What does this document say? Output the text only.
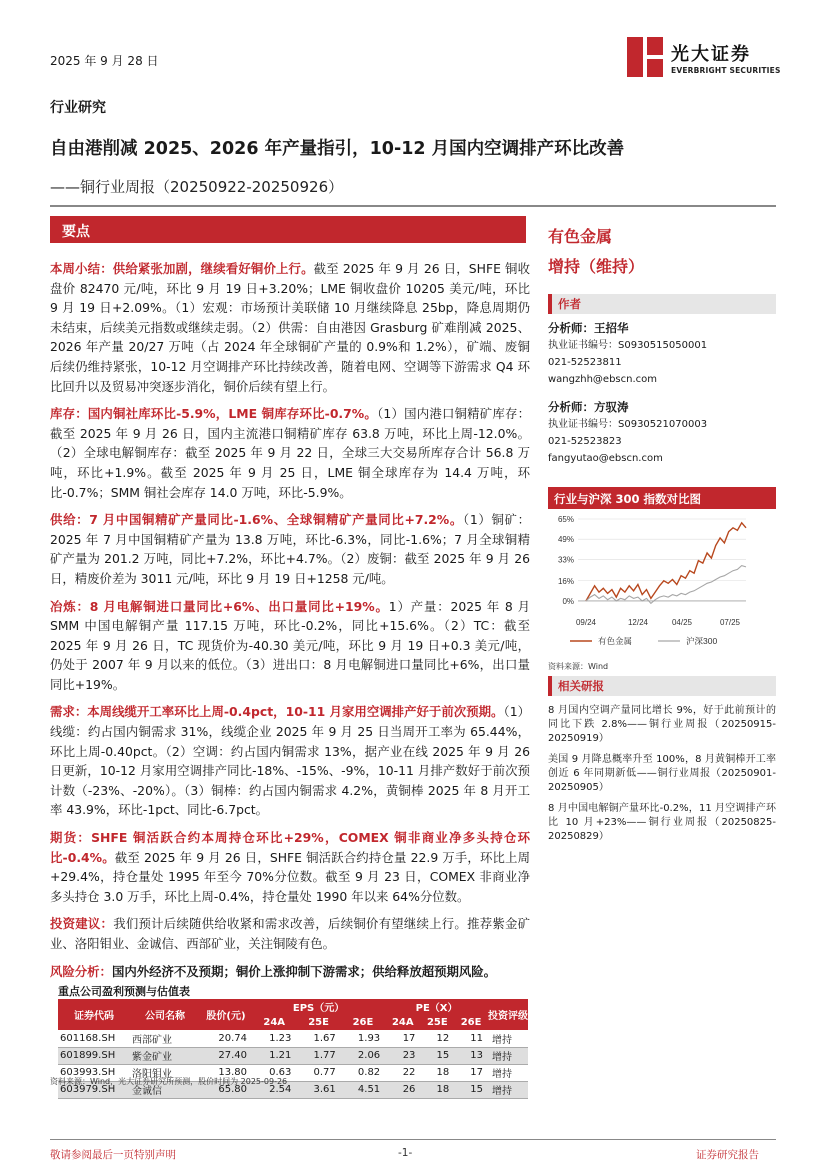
2025 年 9 月 28 日	光大证券
EVERBRIGHT SECURITIES
行业研究
自由港削减 2025、2026 年产量指引，10-12 月国内空调排产环比改善
——铜行业周报（20250922-20250926）
要点

本周小结：供给紧张加剧，继续看好铜价上行。截至 2025 年 9 月 26 日，SHFE 铜收盘价 82470 元/吨，环比 9 月 19 日+3.20%；LME 铜收盘价 10205 美元/吨，环比 9 月 19 日+2.09%。（1）宏观：市场预计美联储 10 月继续降息 25bp，降息周期仍未结束，后续美元指数或继续走弱。（2）供需：自由港因 Grasburg 矿难削减 2025、2026 年产量 20/27 万吨（占 2024 年全球铜矿产量的 0.9%和 1.2%），矿端、废铜后续仍维持紧张，10-12 月空调排产环比持续改善，随着电网、空调等下游需求 Q4 环比回升以及贸易冲突逐步消化，铜价后续有望上行。

库存：国内铜社库环比-5.9%，LME 铜库存环比-0.7%。（1）国内港口铜精矿库存：截至 2025 年 9 月 26 日，国内主流港口铜精矿库存 63.8 万吨，环比上周-12.0%。（2）全球电解铜库存：截至 2025 年 9 月 22 日，全球三大交易所库存合计 56.8 万吨，环比+1.9%。截至 2025 年 9 月 25 日，LME 铜全球库存为 14.4 万吨，环比-0.7%；SMM 铜社会库存 14.0 万吨，环比-5.9%。

供给：7 月中国铜精矿产量同比-1.6%、全球铜精矿产量同比+7.2%。（1）铜矿：2025 年 7 月中国铜精矿产量为 13.8 万吨，环比-6.3%，同比-1.6%；7 月全球铜精矿产量为 201.2 万吨，同比+7.2%，环比+4.7%。（2）废铜：截至 2025 年 9 月 26 日，精废价差为 3011 元/吨，环比 9 月 19 日+1258 元/吨。

冶炼：8 月电解铜进口量同比+6%、出口量同比+19%。1）产量：2025 年 8 月 SMM 中国电解铜产量 117.15 万吨，环比-0.2%，同比+15.6%。（2）TC：截至 2025 年 9 月 26 日，TC 现货价为-40.30 美元/吨，环比 9 月 19 日+0.3 美元/吨，仍处于 2007 年 9 月以来的低位。（3）进出口：8 月电解铜进口量同比+6%，出口量同比+19%。

需求：本周线缆开工率环比上周-0.4pct，10-11 月家用空调排产好于前次预期。（1）线缆：约占国内铜需求 31%，线缆企业 2025 年 9 月 25 日当周开工率为 65.44%，环比上周-0.40pct。（2）空调：约占国内铜需求 13%，据产业在线 2025 年 9 月 26 日更新，10-12 月家用空调排产同比-18%、-15%、-9%，10-11 月排产数好于前次预计数（-23%、-20%）。（3）铜棒：约占国内铜需求 4.2%，黄铜棒 2025 年 8 月开工率 43.9%，环比-1pct、同比-6.7pct。

期货：SHFE 铜活跃合约本周持仓环比+29%，COMEX 铜非商业净多头持仓环比-0.4%。截至 2025 年 9 月 26 日，SHFE 铜活跃合约持仓量 22.9 万手，环比上周+29.4%，持仓量处 1995 年至今 70%分位数。截至 9 月 23 日，COMEX 非商业净多头持仓 3.0 万手，环比上周-0.4%，持仓量处 1990 年以来 64%分位数。

投资建议：我们预计后续随供给收紧和需求改善，后续铜价有望继续上行。推荐紫金矿业、洛阳钼业、金诚信、西部矿业，关注铜陵有色。

风险分析：国内外经济不及预期；铜价上涨抑制下游需求；供给释放超预期风险。

有色金属
增持（维持）
作者
分析师：王招华
执业证书编号：S0930515050001
021-52523811
wangzhh@ebscn.com
分析师：方驭涛
执业证书编号：S0930521070003
021-52523823
fangyutao@ebscn.com
行业与沪深 300 指数对比图
0%
16%
33%
49%
65%
09/24	12/24	04/25	07/25
有色金属	沪深300
资料来源：Wind
相关研报
8 月国内空调产量同比增长 9%，好于此前预计的同比下跌 2.8%——铜行业周报（20250915-20250919）
美国 9 月降息概率升至 100%，8 月黄铜棒开工率创近 6 年同期新低——铜行业周报（20250901-20250905）
8 月中国电解铜产量环比-0.2%，11 月空调排产环比 10 月+23%——铜行业周报（20250825-20250829）
重点公司盈利预测与估值表
证券代码	公司名称	股价(元)	EPS（元）			PE（X）			投资评级
			24A	25E	26E	24A	25E	26E	
601168.SH	西部矿业	20.74	1.23	1.67	1.93	17	12	11	增持
601899.SH	紫金矿业	27.40	1.21	1.77	2.06	23	15	13	增持
603993.SH	洛阳钼业	13.80	0.63	0.77	0.82	22	18	17	增持
603979.SH	金诚信	65.80	2.54	3.61	4.51	26	18	15	增持
资料来源：Wind，光大证券研究所预测，股价时间为 2025-09-26
敬请参阅最后一页特别声明	-1-	证券研究报告
